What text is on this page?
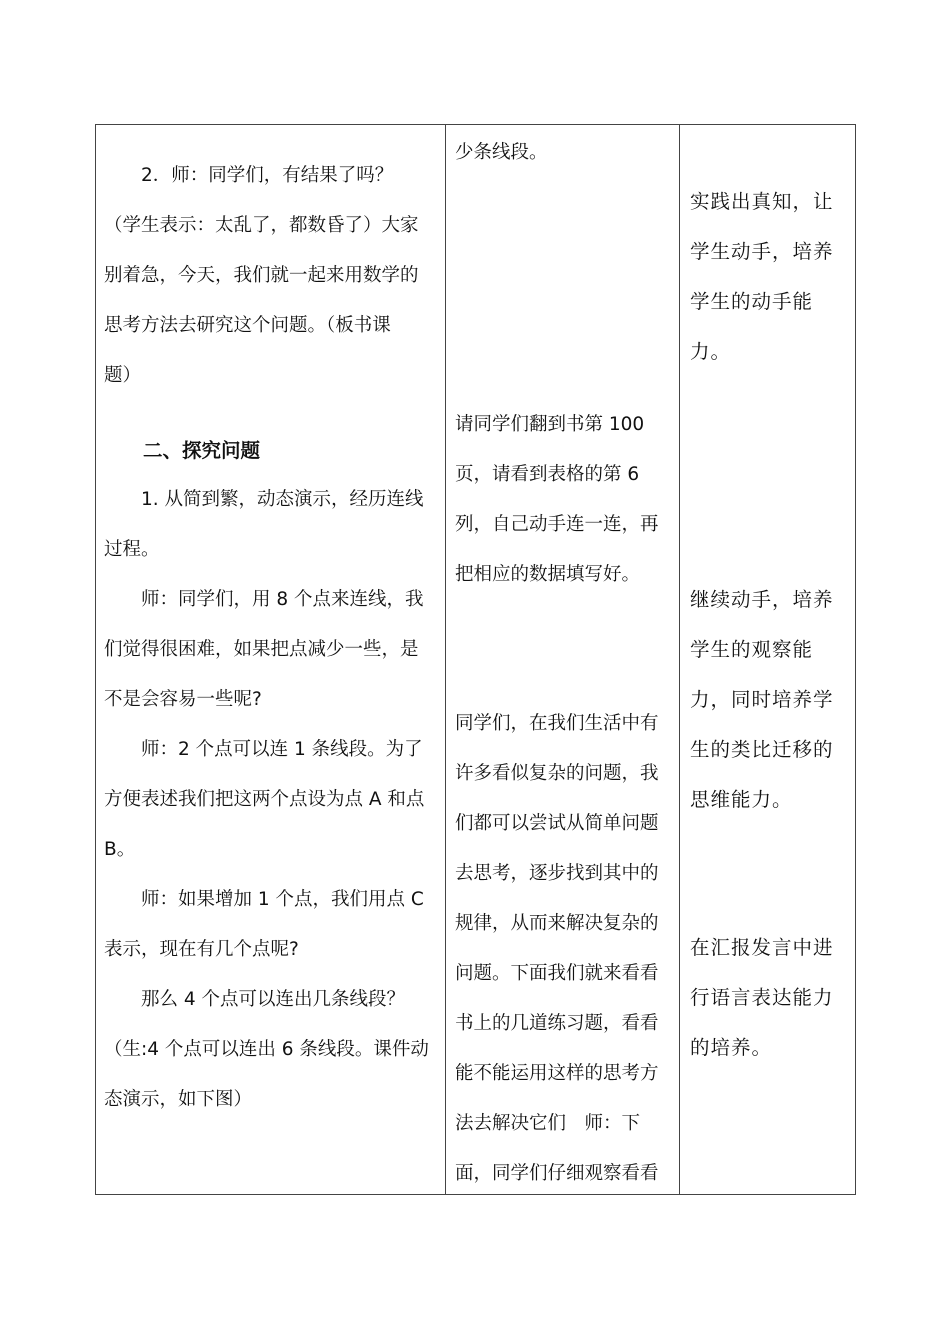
　　2．师：同学们，有结果了吗？
（学生表示：太乱了，都数昏了）大家
别着急，今天，我们就一起来用数学的
思考方法去研究这个问题。（板书课
题）
　　二、探究问题
　　1. 从简到繁，动态演示，经历连线
过程。
　　师：同学们，用 8 个点来连线，我
们觉得很困难，如果把点减少一些，是
不是会容易一些呢?
　　师：2 个点可以连 1 条线段。为了
方便表述我们把这两个点设为点 A 和点
B。
　　师：如果增加 1 个点，我们用点 C
表示，现在有几个点呢?
　　那么 4 个点可以连出几条线段？
（生:4 个点可以连出 6 条线段。课件动
态演示，如下图）
少条线段。
请同学们翻到书第 100
页，请看到表格的第 6
列，自己动手连一连，再
把相应的数据填写好。
同学们，在我们生活中有
许多看似复杂的问题，我
们都可以尝试从简单问题
去思考，逐步找到其中的
规律，从而来解决复杂的
问题。下面我们就来看看
书上的几道练习题，看看
能不能运用这样的思考方
法去解决它们　师：下
面，同学们仔细观察看看
实践出真知，让
学生动手，培养
学生的动手能
力。
继续动手，培养
学生的观察能
力，同时培养学
生的类比迁移的
思维能力。
在汇报发言中进
行语言表达能力
的培养。
